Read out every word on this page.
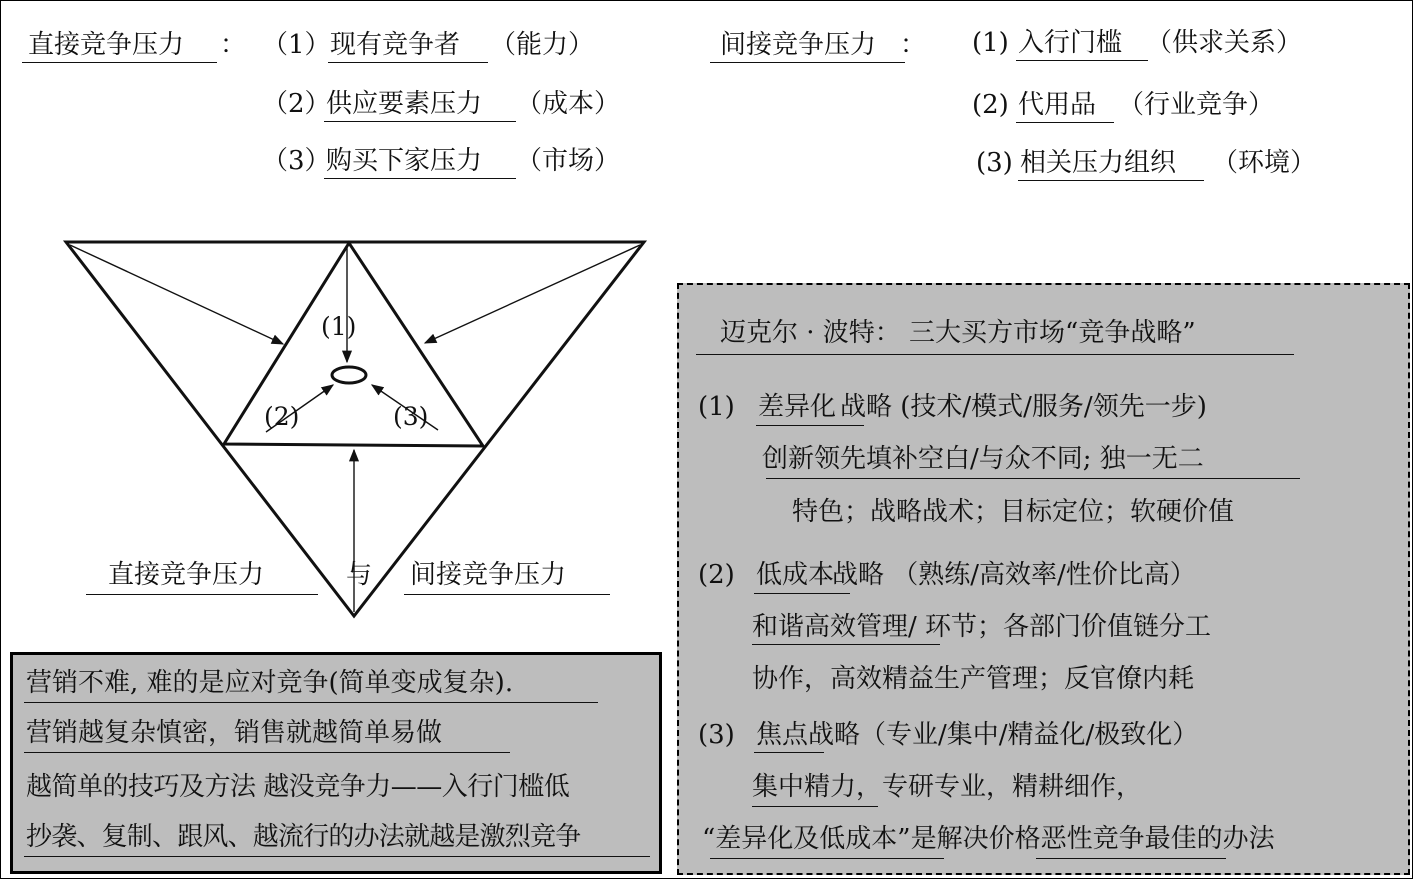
直接竞争压力 ： （1） 现有竞争者 （能力）
（2）
供应要素压力 （成本）
（3）
购买下家压力 （市场）
间接竞争压力 ： (1) 入行门槛 （供求关系）
(2) 代用品 （行业竞争）
(3) 相关压力组织 （环境）
(1)
(2)	(3)
直接竞争压力	与 间接竞争压力
营销不难, 难的是应对竞争(简单变成复杂).
营销越复杂慎密，销售就越简单易做
越简单的技巧及方法 越没竞争力——入行门槛低
抄袭、复制、跟风、越流行的办法就越是激烈竞争
迈克尔 · 波特： 三大买方市场“竞争战略”
(1) 差异化 战略 (技术/模式/服务/领先一步)
创新领先填补空白/与众不同; 独一无二
特色；战略战术；目标定位；软硬价值
(2) 低成本
战略 （熟练/高效率/性价比高）
和谐高效管理/ 环节；各部门价值链分工
协作，高效精益生产管理；反官僚内耗
(3) 焦点 战略（专业/集中/精益化/极致化）
集中精力，专研专业，精耕细作，
“差异化及低成本”是解决价格恶性竞争最佳的办法
